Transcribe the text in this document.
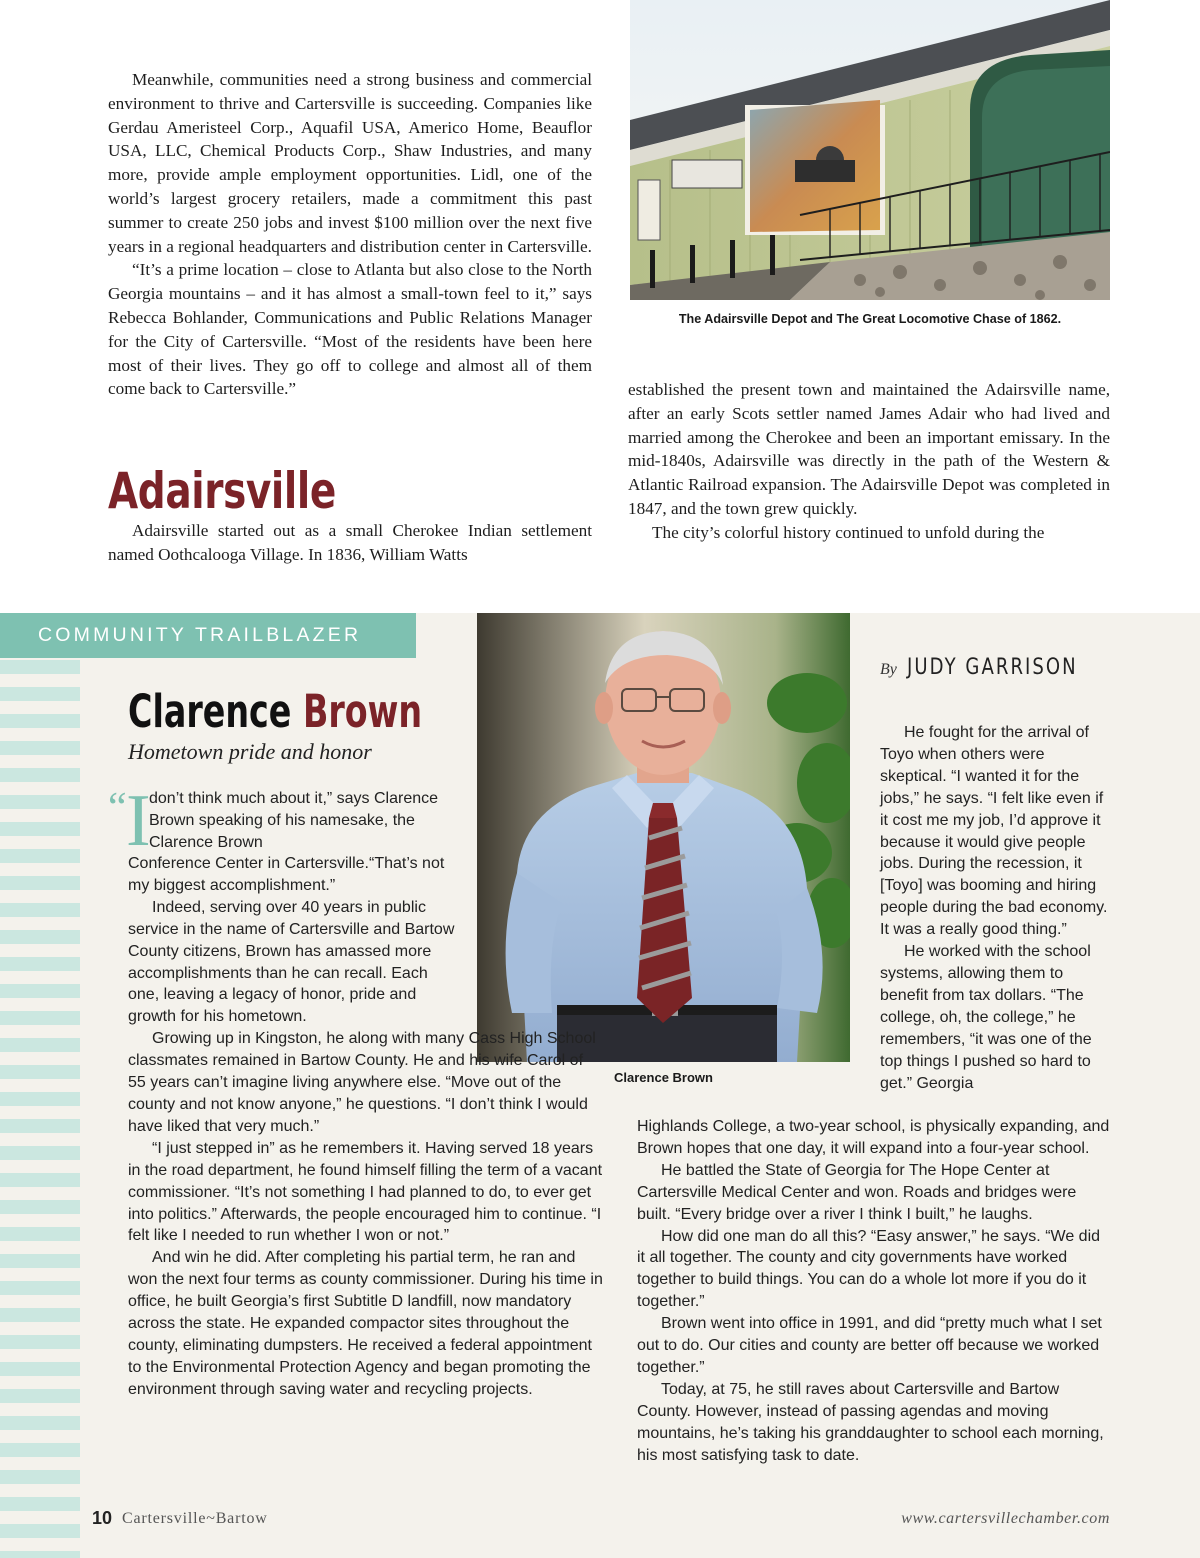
Meanwhile, communities need a strong business and commercial environment to thrive and Cartersville is succeeding. Companies like Gerdau Ameristeel Corp., Aquafil USA, Americo Home, Beauflor USA, LLC, Chemical Products Corp., Shaw Industries, and many more, provide ample employment opportunities. Lidl, one of the world’s largest grocery retailers, made a commitment this past summer to create 250 jobs and invest $100 million over the next five years in a regional headquarters and distribution center in Cartersville.

“It’s a prime location – close to Atlanta but also close to the North Georgia mountains – and it has almost a small-town feel to it,” says Rebecca Bohlander, Communications and Public Relations Manager for the City of Cartersville. “Most of the residents have been here most of their lives. They go off to college and almost all of them come back to Cartersville.”

Adairsville

Adairsville started out as a small Cherokee Indian settlement named Oothcalooga Village. In 1836, William Watts

The Adairsville Depot and The Great Locomotive Chase of 1862.

established the present town and maintained the Adairsville name, after an early Scots settler named James Adair who had lived and married among the Cherokee and been an important emissary. In the mid-1840s, Adairsville was directly in the path of the Western & Atlantic Railroad expansion. The Adairsville Depot was completed in 1847, and the town grew quickly.

The city’s colorful history continued to unfold during the

COMMUNITY TRAILBLAZER
Clarence Brown
By JUDY GARRISON
Clarence Brown
Hometown pride and honor
“ I

don’t think much about it,” says Clarence Brown speaking of his namesake, the Clarence Brown

Conference Center in Cartersville.“That’s not my biggest accomplishment.”

Indeed, serving over 40 years in public service in the name of Cartersville and Bartow County citizens, Brown has amassed more accomplishments than he can recall. Each one, leaving a legacy of honor, pride and growth for his hometown.

Growing up in Kingston, he along with many Cass High School classmates remained in Bartow County. He and his wife Carol of 55 years can’t imagine living anywhere else. “Move out of the county and not know anyone,” he questions. “I don’t think I would have liked that very much.”

“I just stepped in” as he remembers it. Having served 18 years in the road department, he found himself filling the term of a vacant commissioner. “It’s not something I had planned to do, to ever get into politics.” Afterwards, the people encouraged him to continue. “I felt like I needed to run whether I won or not.”

And win he did. After completing his partial term, he ran and won the next four terms as county commissioner. During his time in office, he built Georgia’s first Subtitle D landfill, now mandatory across the state. He expanded compactor sites throughout the county, eliminating dumpsters. He received a federal appointment to the Environmental Protection Agency and began promoting the environment through saving water and recycling projects.

He fought for the arrival of Toyo when others were skeptical. “I wanted it for the jobs,” he says. “I felt like even if it cost me my job, I’d approve it because it would give people jobs. During the recession, it [Toyo] was booming and hiring people during the bad economy. It was a really good thing.”

He worked with the school systems, allowing them to benefit from tax dollars. “The college, oh, the college,” he remembers, “it was one of the top things I pushed so hard to get.” Georgia

Highlands College, a two-year school, is physically expanding, and Brown hopes that one day, it will expand into a four-year school.

He battled the State of Georgia for The Hope Center at Cartersville Medical Center and won. Roads and bridges were built. “Every bridge over a river I think I built,” he laughs.

How did one man do all this? “Easy answer,” he says. “We did it all together. The county and city governments have worked together to build things. You can do a whole lot more if you do it together.”

Brown went into office in 1991, and did “pretty much what I set out to do. Our cities and county are better off because we worked together.”

Today, at 75, he still raves about Cartersville and Bartow County. However, instead of passing agendas and moving mountains, he’s taking his granddaughter to school each morning, his most satisfying task to date.

10 Cartersville~Bartow	www.cartersvillechamber.com
